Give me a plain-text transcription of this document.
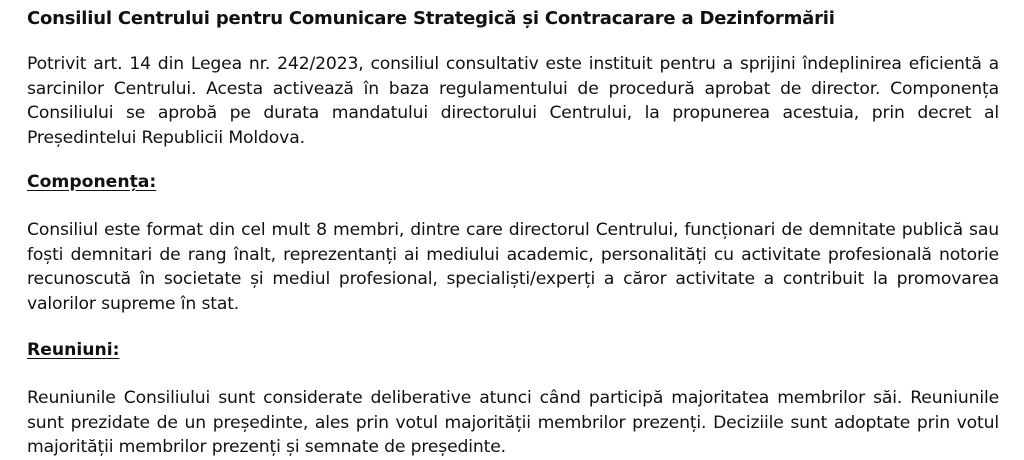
Consiliul Centrului pentru Comunicare Strategică și Contracarare a Dezinformării

Potrivit art. 14 din Legea nr. 242/2023, consiliul consultativ este instituit pentru a sprijini îndeplinirea eficientă a sarcinilor Centrului. Acesta activează în baza regulamentului de procedură aprobat de director. Componența Consiliului se aprobă pe durata mandatului directorului Centrului, la propunerea acestuia, prin decret al Președintelui Republicii Moldova.

Componența:

Consiliul este format din cel mult 8 membri, dintre care directorul Centrului, funcționari de demnitate publică sau foști demnitari de rang înalt, reprezentanți ai mediului academic, personalități cu activitate profesională notorie recunoscută în societate și mediul profesional, specialiști/experți a căror activitate a contribuit la promovarea valorilor supreme în stat.

Reuniuni:

Reuniunile Consiliului sunt considerate deliberative atunci când participă majoritatea membrilor săi. Reuniunile sunt prezidate de un președinte, ales prin votul majorității membrilor prezenți. Deciziile sunt adoptate prin votul majorității membrilor prezenți și semnate de președinte.
